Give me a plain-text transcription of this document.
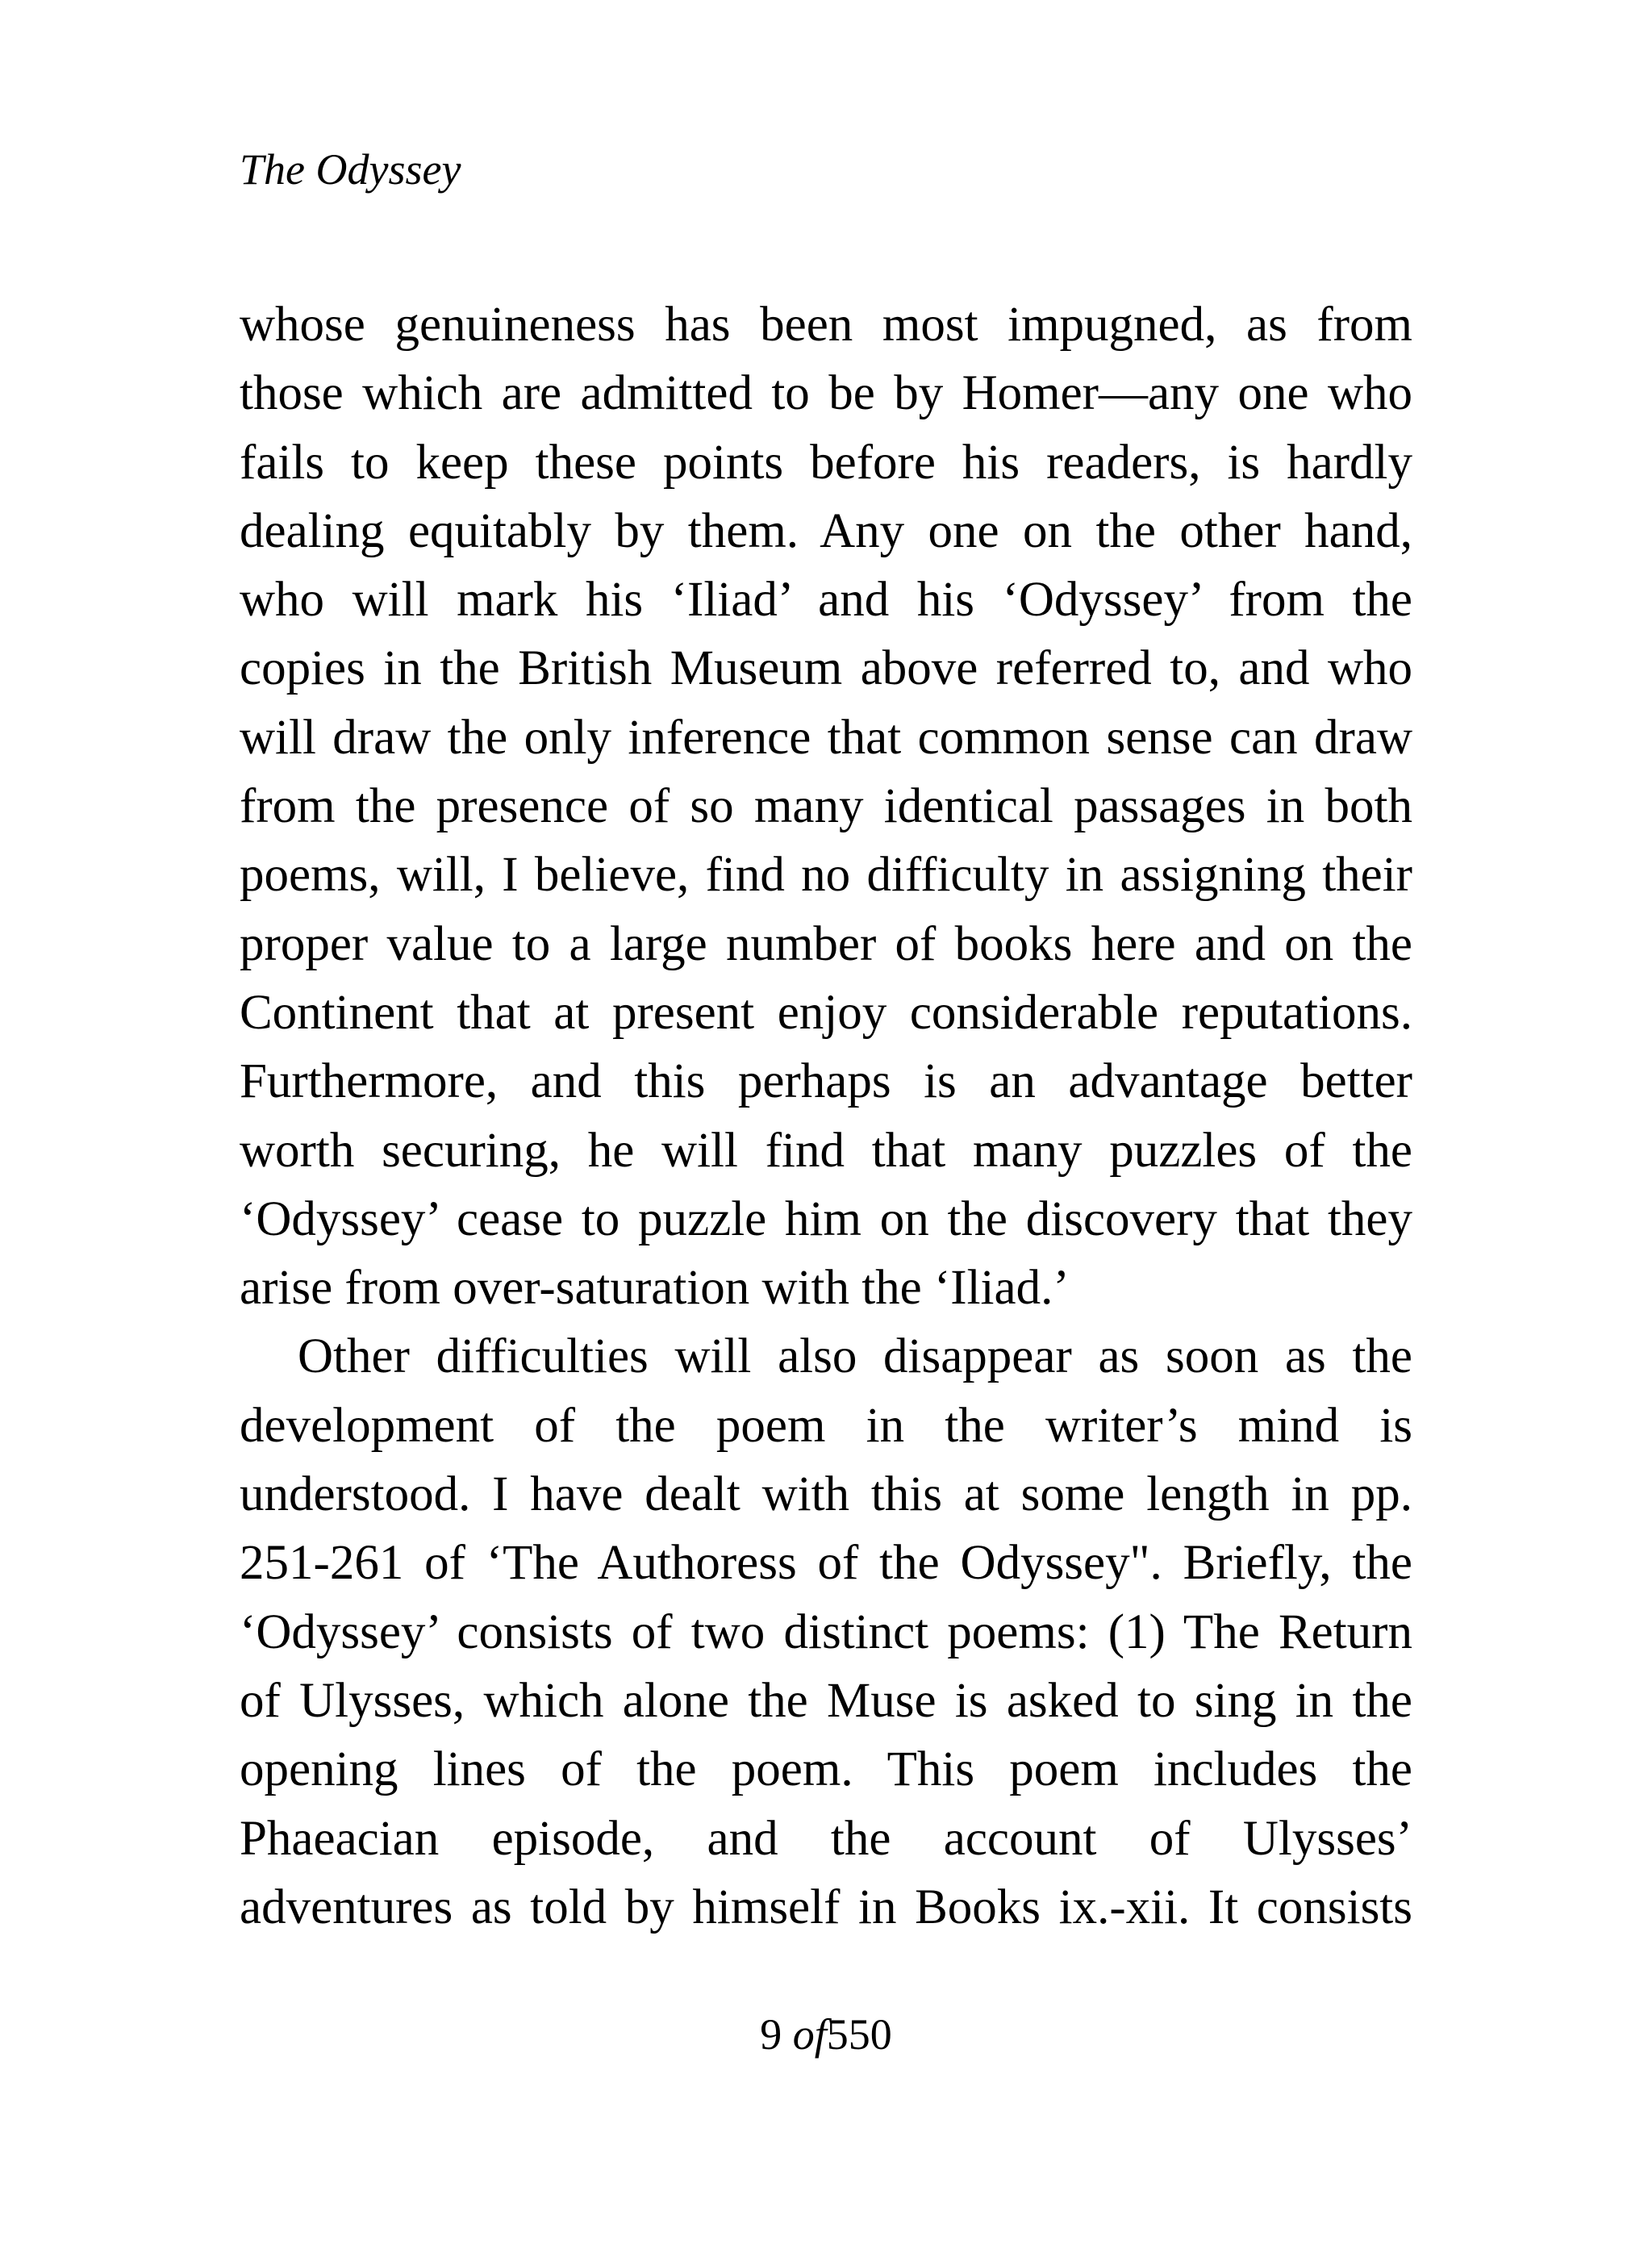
The Odyssey
whose genuineness has been most impugned, as from
those which are admitted to be by Homer—any one who
fails to keep these points before his readers, is hardly
dealing equitably by them. Any one on the other hand,
who will mark his ‘Iliad’ and his ‘Odyssey’ from the
copies in the British Museum above referred to, and who
will draw the only inference that common sense can draw
from the presence of so many identical passages in both
poems, will, I believe, find no difficulty in assigning their
proper value to a large number of books here and on the
Continent that at present enjoy considerable reputations.
Furthermore, and this perhaps is an advantage better
worth securing, he will find that many puzzles of the
‘Odyssey’ cease to puzzle him on the discovery that they
arise from over-saturation with the ‘Iliad.’
Other difficulties will also disappear as soon as the
development of the poem in the writer’s mind is
understood. I have dealt with this at some length in pp.
251-261 of ‘The Authoress of the Odyssey". Briefly, the
‘Odyssey’ consists of two distinct poems: (1) The Return
of Ulysses, which alone the Muse is asked to sing in the
opening lines of the poem. This poem includes the
Phaeacian episode, and the account of Ulysses’
adventures as told by himself in Books ix.-xii. It consists
9 of550
